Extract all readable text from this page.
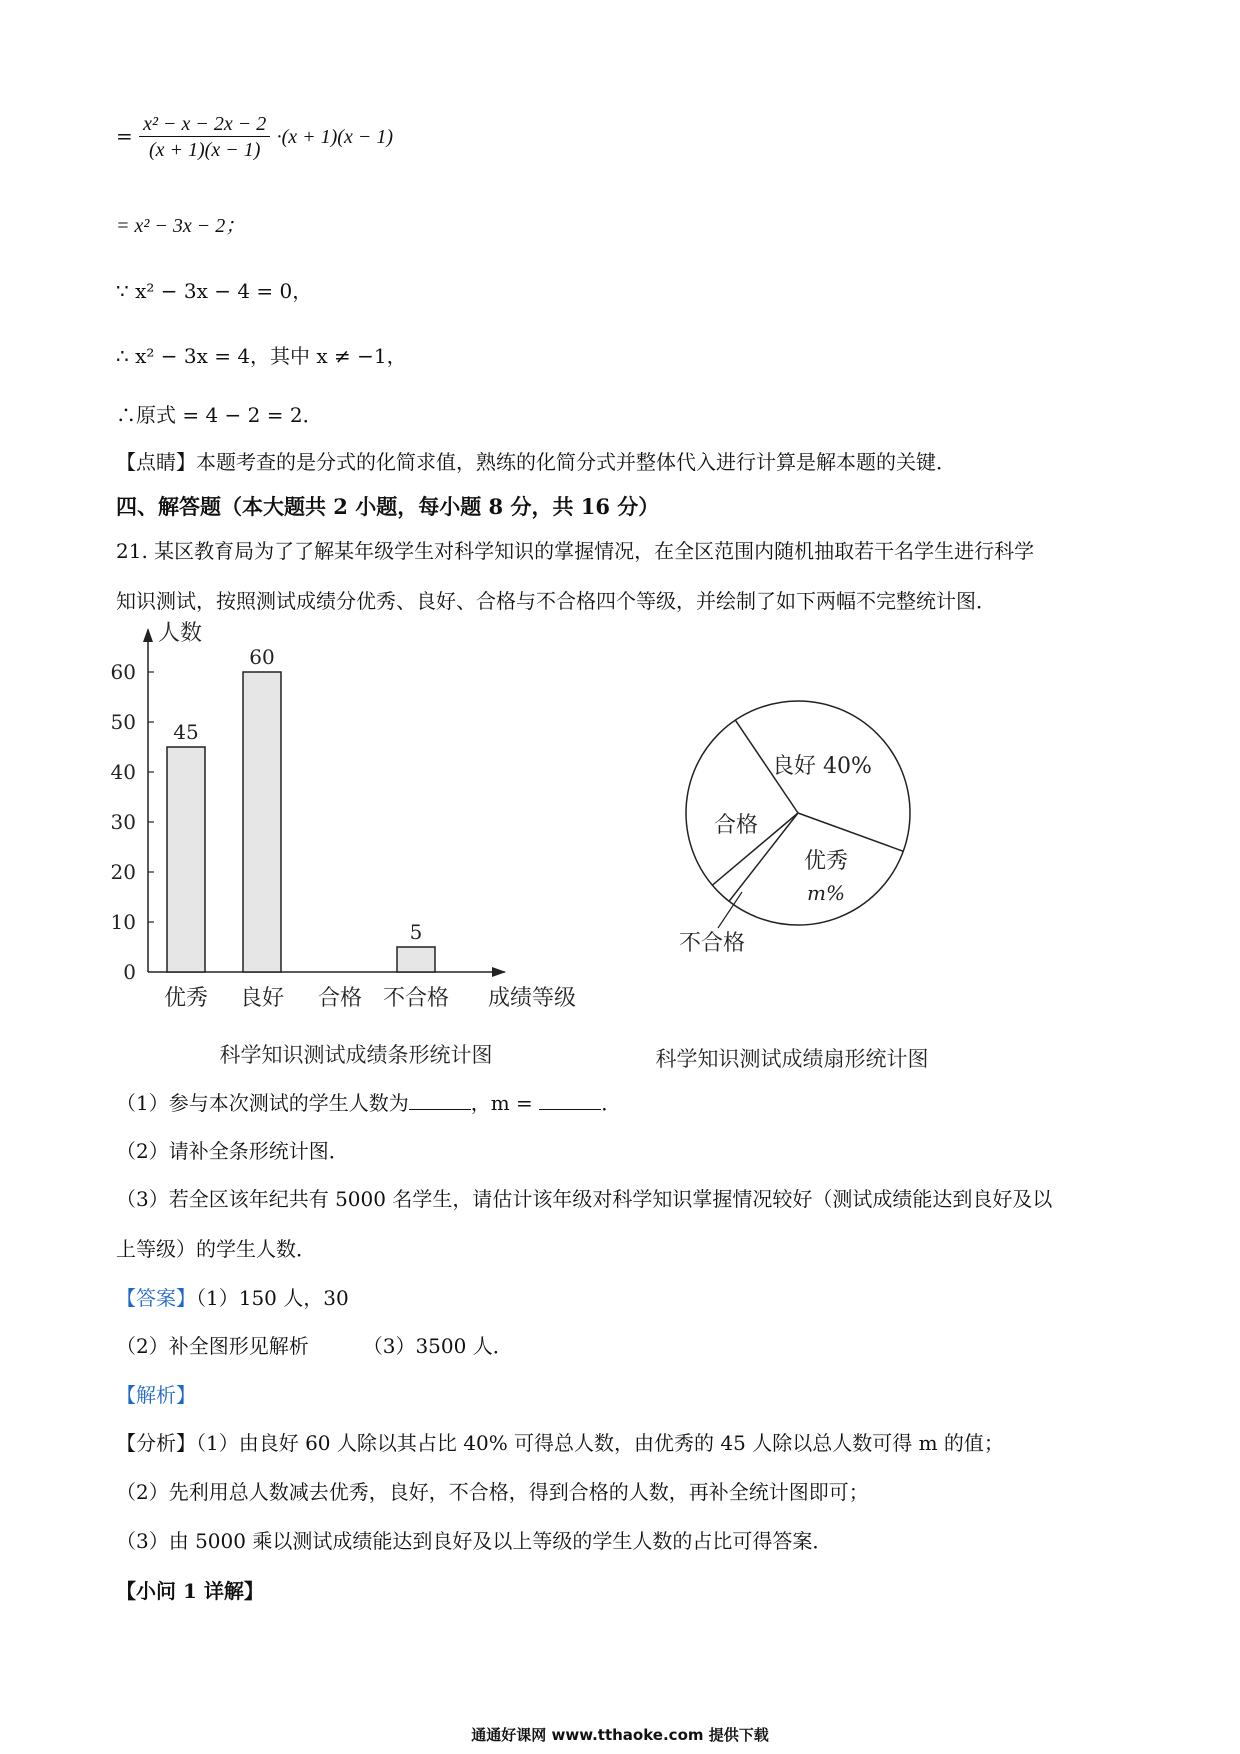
= $\frac{\text{x² − x − 2x − 2}}{(x + 1)(x - 1)} \cdot(x + 1)(x - 1)$
= x² − 3x − 2；
∵ x² − 3x − 4 = 0，
∴ x² − 3x = 4，其中 x ≠ −1，
∴原式 = 4 − 2 = 2．
【点睛】本题考查的是分式的化简求值，熟练的化简分式并整体代入进行计算是解本题的关键．
四、解答题（本大题共 2 小题，每小题 8 分，共 16 分）
21. 某区教育局为了了解某年级学生对科学知识的掌握情况，在全区范围内随机抽取若干名学生进行科学
知识测试，按照测试成绩分优秀、良好、合格与不合格四个等级，并绘制了如下两幅不完整统计图．
人数
成绩等级
0
10
20
30
40
50
60
优秀
45
良好
60
合格 不合格
5
科学知识测试成绩条形统计图
良好 40%
优秀
m%
合格
不合格
科学知识测试成绩扇形统计图
（1）参与本次测试的学生人数为	，m =	．
（2）请补全条形统计图．
（3）若全区该年纪共有 5000 名学生，请估计该年级对科学知识掌握情况较好（测试成绩能达到良好及以
上等级）的学生人数．
【答案】（1）150 人，30
（2）补全图形见解析	（3）3500 人．
【解析】
【分析】（1）由良好 60 人除以其占比 40% 可得总人数，由优秀的 45 人除以总人数可得 m 的值；
（2）先利用总人数减去优秀，良好，不合格，得到合格的人数，再补全统计图即可；
（3）由 5000 乘以测试成绩能达到良好及以上等级的学生人数的占比可得答案．
【小问 1 详解】
通通好课网 www.tthaoke.com 提供下载
